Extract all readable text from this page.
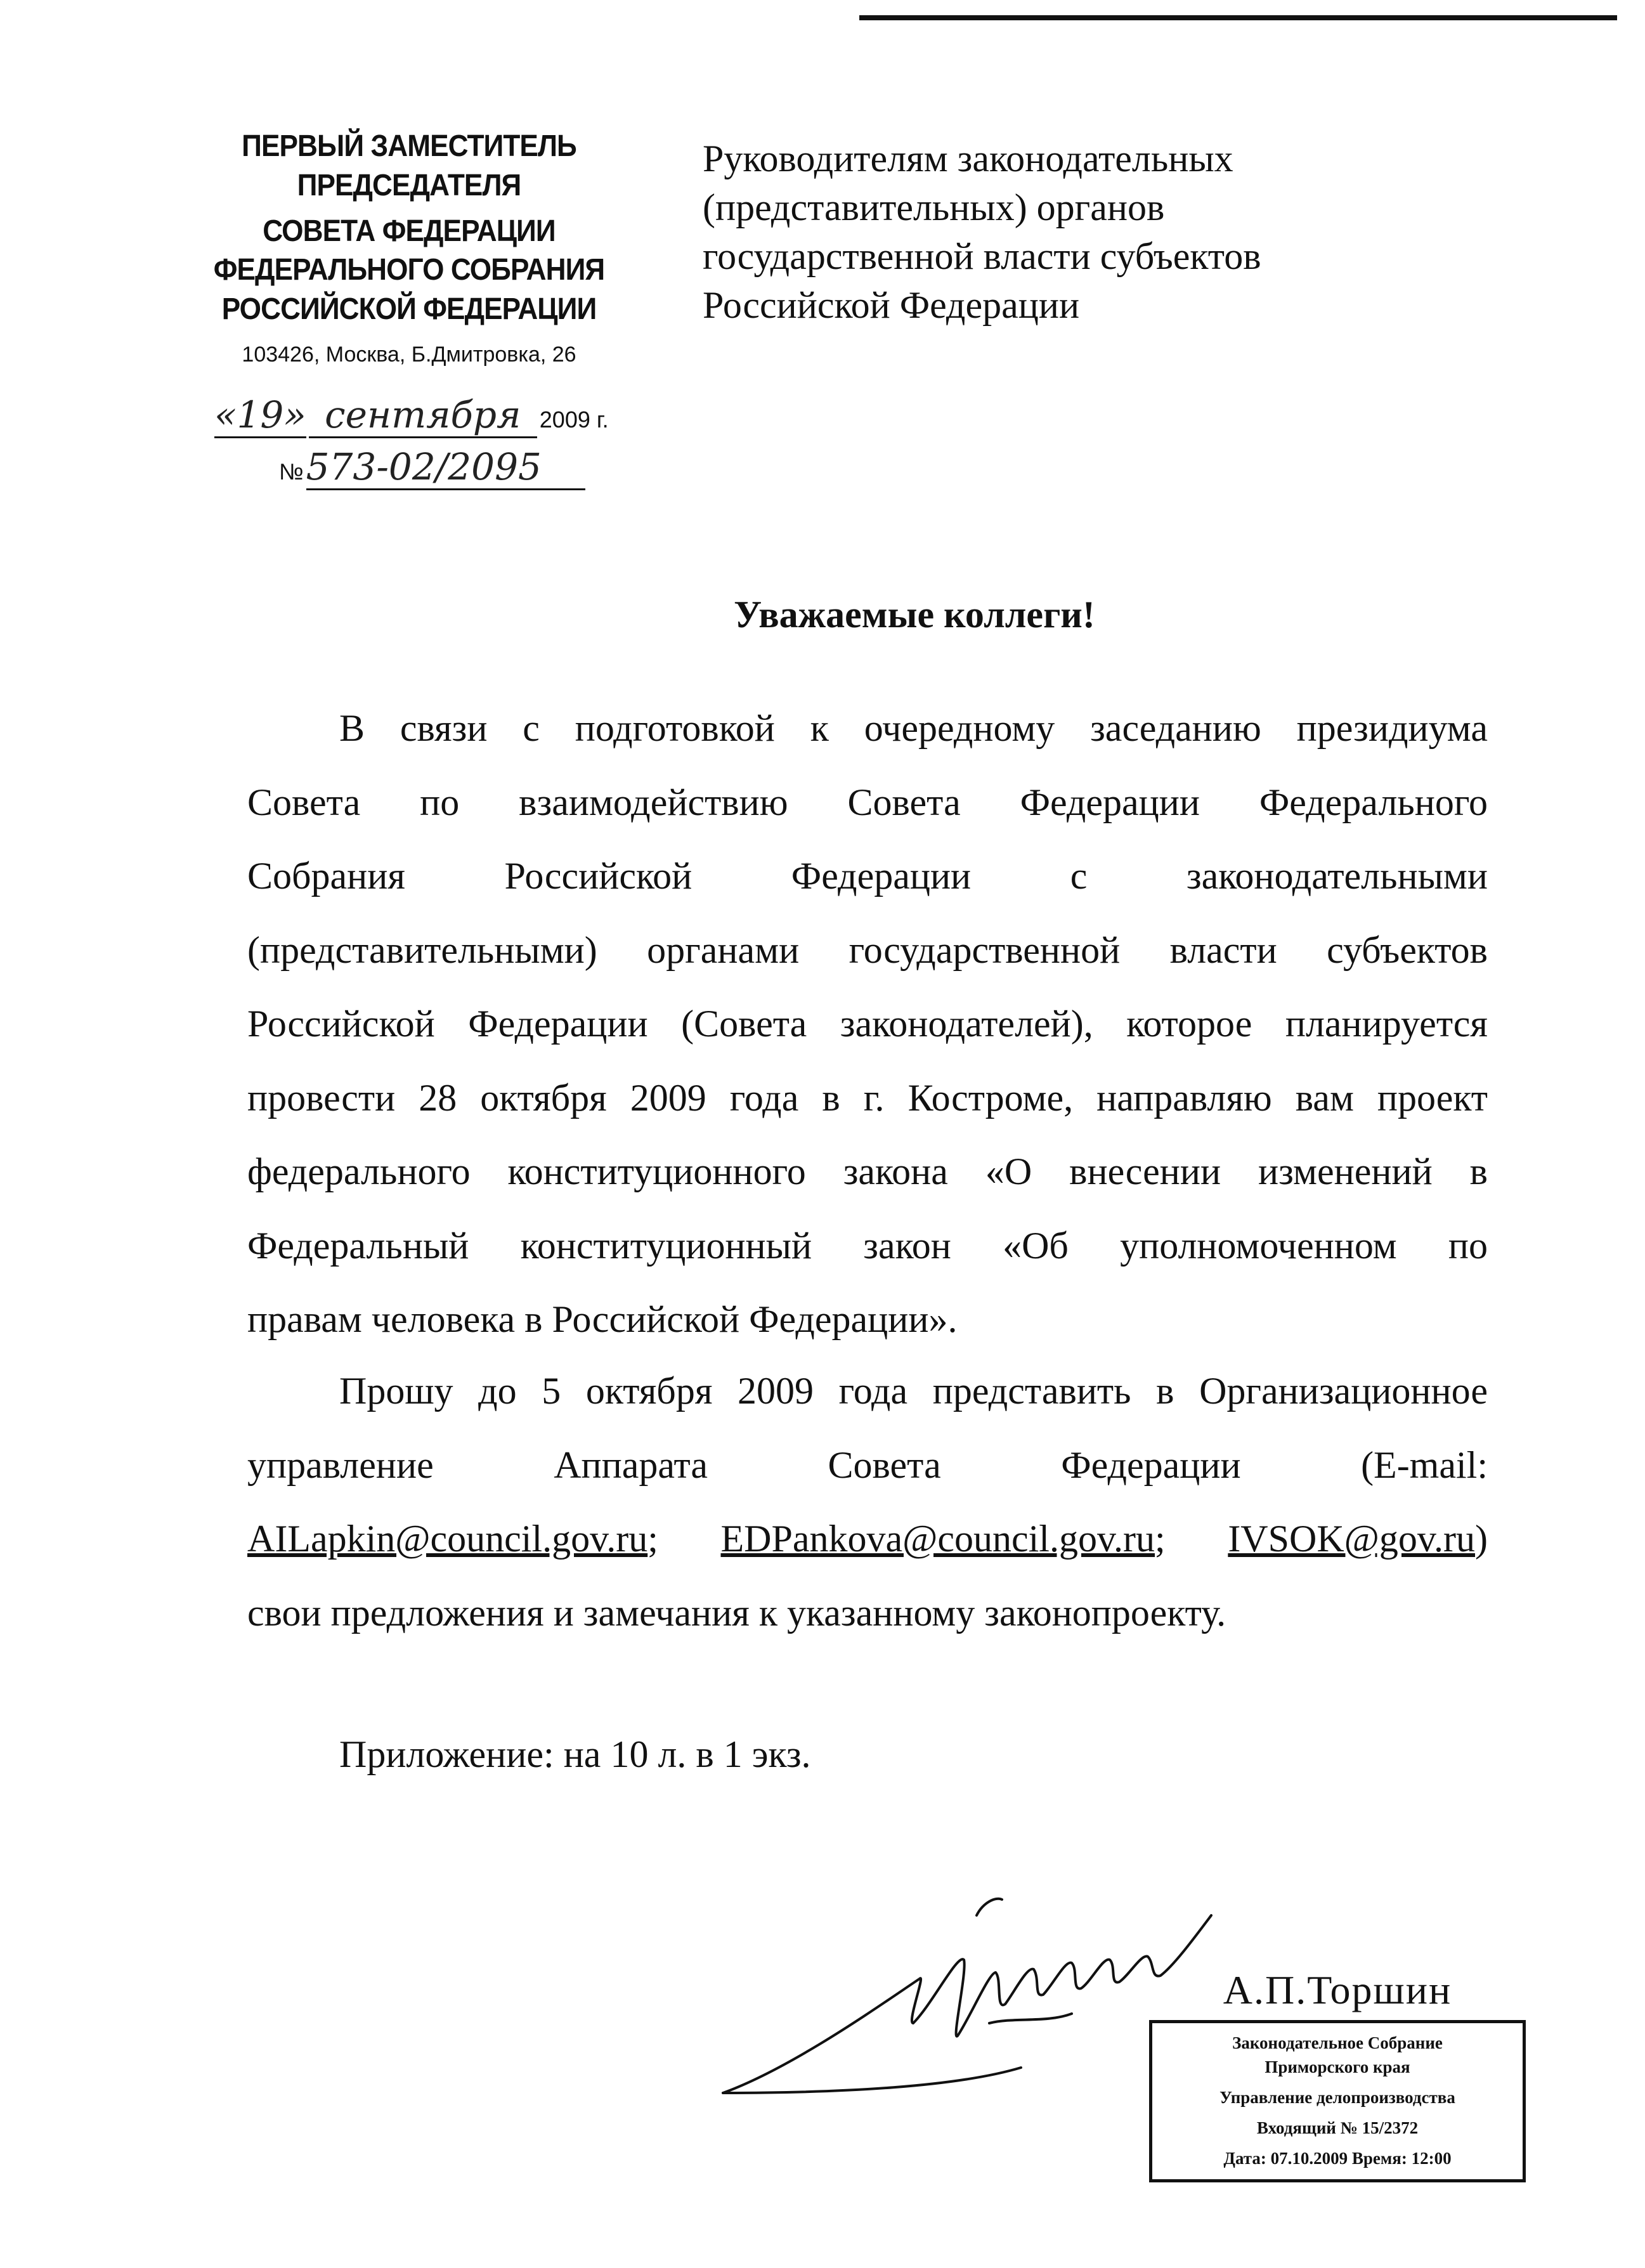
ПЕРВЫЙ ЗАМЕСТИТЕЛЬ
ПРЕДСЕДАТЕЛЯ
СОВЕТА ФЕДЕРАЦИИ
ФЕДЕРАЛЬНОГО СОБРАНИЯ
РОССИЙСКОЙ ФЕДЕРАЦИИ
103426, Москва, Б.Дмитровка, 26
«19» сентября 2009 г.
№ 573-02/2095
Руководителям законодательных
(представительных) органов
государственной власти субъектов
Российской Федерации
Уважаемые коллеги!
В связи с подготовкой к очередному заседанию президиума
Совета по взаимодействию Совета Федерации Федерального
Собрания Российской Федерации с законодательными
(представительными) органами государственной власти субъектов
Российской Федерации (Совета законодателей), которое планируется
провести 28 октября 2009 года в г. Костроме, направляю вам проект
федерального конституционного закона «О внесении изменений в
Федеральный конституционный закон «Об уполномоченном по
правам человека в Российской Федерации».
Прошу до 5 октября 2009 года представить в Организационное
управление Аппарата Совета Федерации (E-mail:
AILapkin@council.gov.ru; EDPankova@council.gov.ru; IVSOK@gov.ru)
свои предложения и замечания к указанному законопроекту.
Приложение: на 10 л. в 1 экз.
А.П.Торшин
Законодательное Собрание
Приморского края
Управление делопроизводства
Входящий № 15/2372
Дата: 07.10.2009 Время: 12:00
